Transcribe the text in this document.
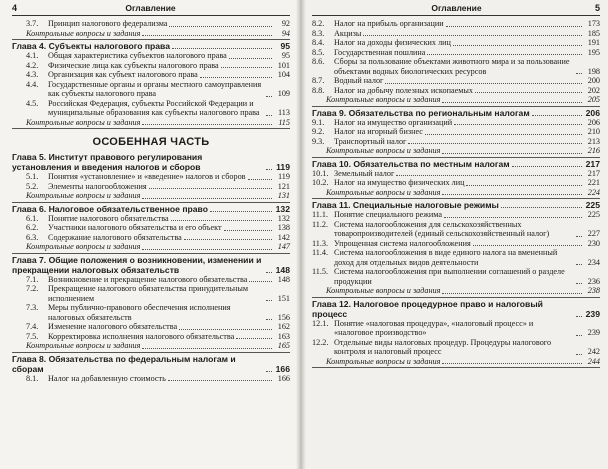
4	Оглавление
3.7. Принцип налогового федерализма	92
Контрольные вопросы и задания	94
Глава 4. Субъекты налогового права	95
4.1. Общая характеристика субъектов налогового права	95
4.2. Физические лица как субъекты налогового права	101
4.3. Организация как субъект налогового права	104
4.4. Государственные органы и органы местного самоуправления как субъекты налогового права	109
4.5. Российская Федерация, субъекты Российской Федерации и муниципальные образования как субъекты налогового права	113
Контрольные вопросы и задания	115
ОСОБЕННАЯ ЧАСТЬ
Глава 5. Институт правового регулирования установления и введения налогов и сборов	119
5.1. Понятия «установление» и «введение» налогов и сборов	119
5.2. Элементы налогообложения	121
Контрольные вопросы и задания	131
Глава 6. Налоговое обязательственное право	132
6.1. Понятие налогового обязательства	132
6.2. Участники налогового обязательства и его объект	138
6.3. Содержание налогового обязательства	142
Контрольные вопросы и задания	147
Глава 7. Общие положения о возникновении, изменении и прекращении налоговых обязательств	148
7.1. Возникновение и прекращение налогового обязательства	148
7.2. Прекращение налогового обязательства принудительным исполнением	151
7.3. Меры публично-правового обеспечения исполнения налоговых обязательств	156
7.4. Изменение налогового обязательства	162
7.5. Корректировка исполнения налогового обязательства	163
Контрольные вопросы и задания	165
Глава 8. Обязательства по федеральным налогам и сборам	166
8.1. Налог на добавленную стоимость	166
Оглавление	5
8.2. Налог на прибыль организации	173
8.3. Акцизы	185
8.4. Налог на доходы физических лиц	191
8.5. Государственная пошлина	195
8.6. Сборы за пользование объектами животного мира и за пользование объектами водных биологических ресурсов	198
8.7. Водный налог	200
8.8. Налог на добычу полезных ископаемых	202
Контрольные вопросы и задания	205
Глава 9. Обязательства по региональным налогам	206
9.1. Налог на имущество организаций	206
9.2. Налог на игорный бизнес	210
9.3. Транспортный налог	213
Контрольные вопросы и задания	216
Глава 10. Обязательства по местным налогам	217
10.1. Земельный налог	217
10.2. Налог на имущество физических лиц	221
Контрольные вопросы и задания	224
Глава 11. Специальные налоговые режимы	225
11.1. Понятие специального режима	225
11.2. Система налогообложения для сельскохозяйственных товаропроизводителей (единый сельскохозяйственный налог)	227
11.3. Упрощенная система налогообложения	230
11.4. Система налогообложения в виде единого налога на вмененный доход для отдельных видов деятельности	234
11.5. Система налогообложения при выполнении соглашений о разделе продукции	236
Контрольные вопросы и задания	238
Глава 12. Налоговое процедурное право и налоговый процесс	239
12.1. Понятие «налоговая процедура», «налоговый процесс» и «налоговое производство»	239
12.2. Отдельные виды налоговых процедур. Процедуры налогового контроля и налоговый процесс	242
Контрольные вопросы и задания	244
